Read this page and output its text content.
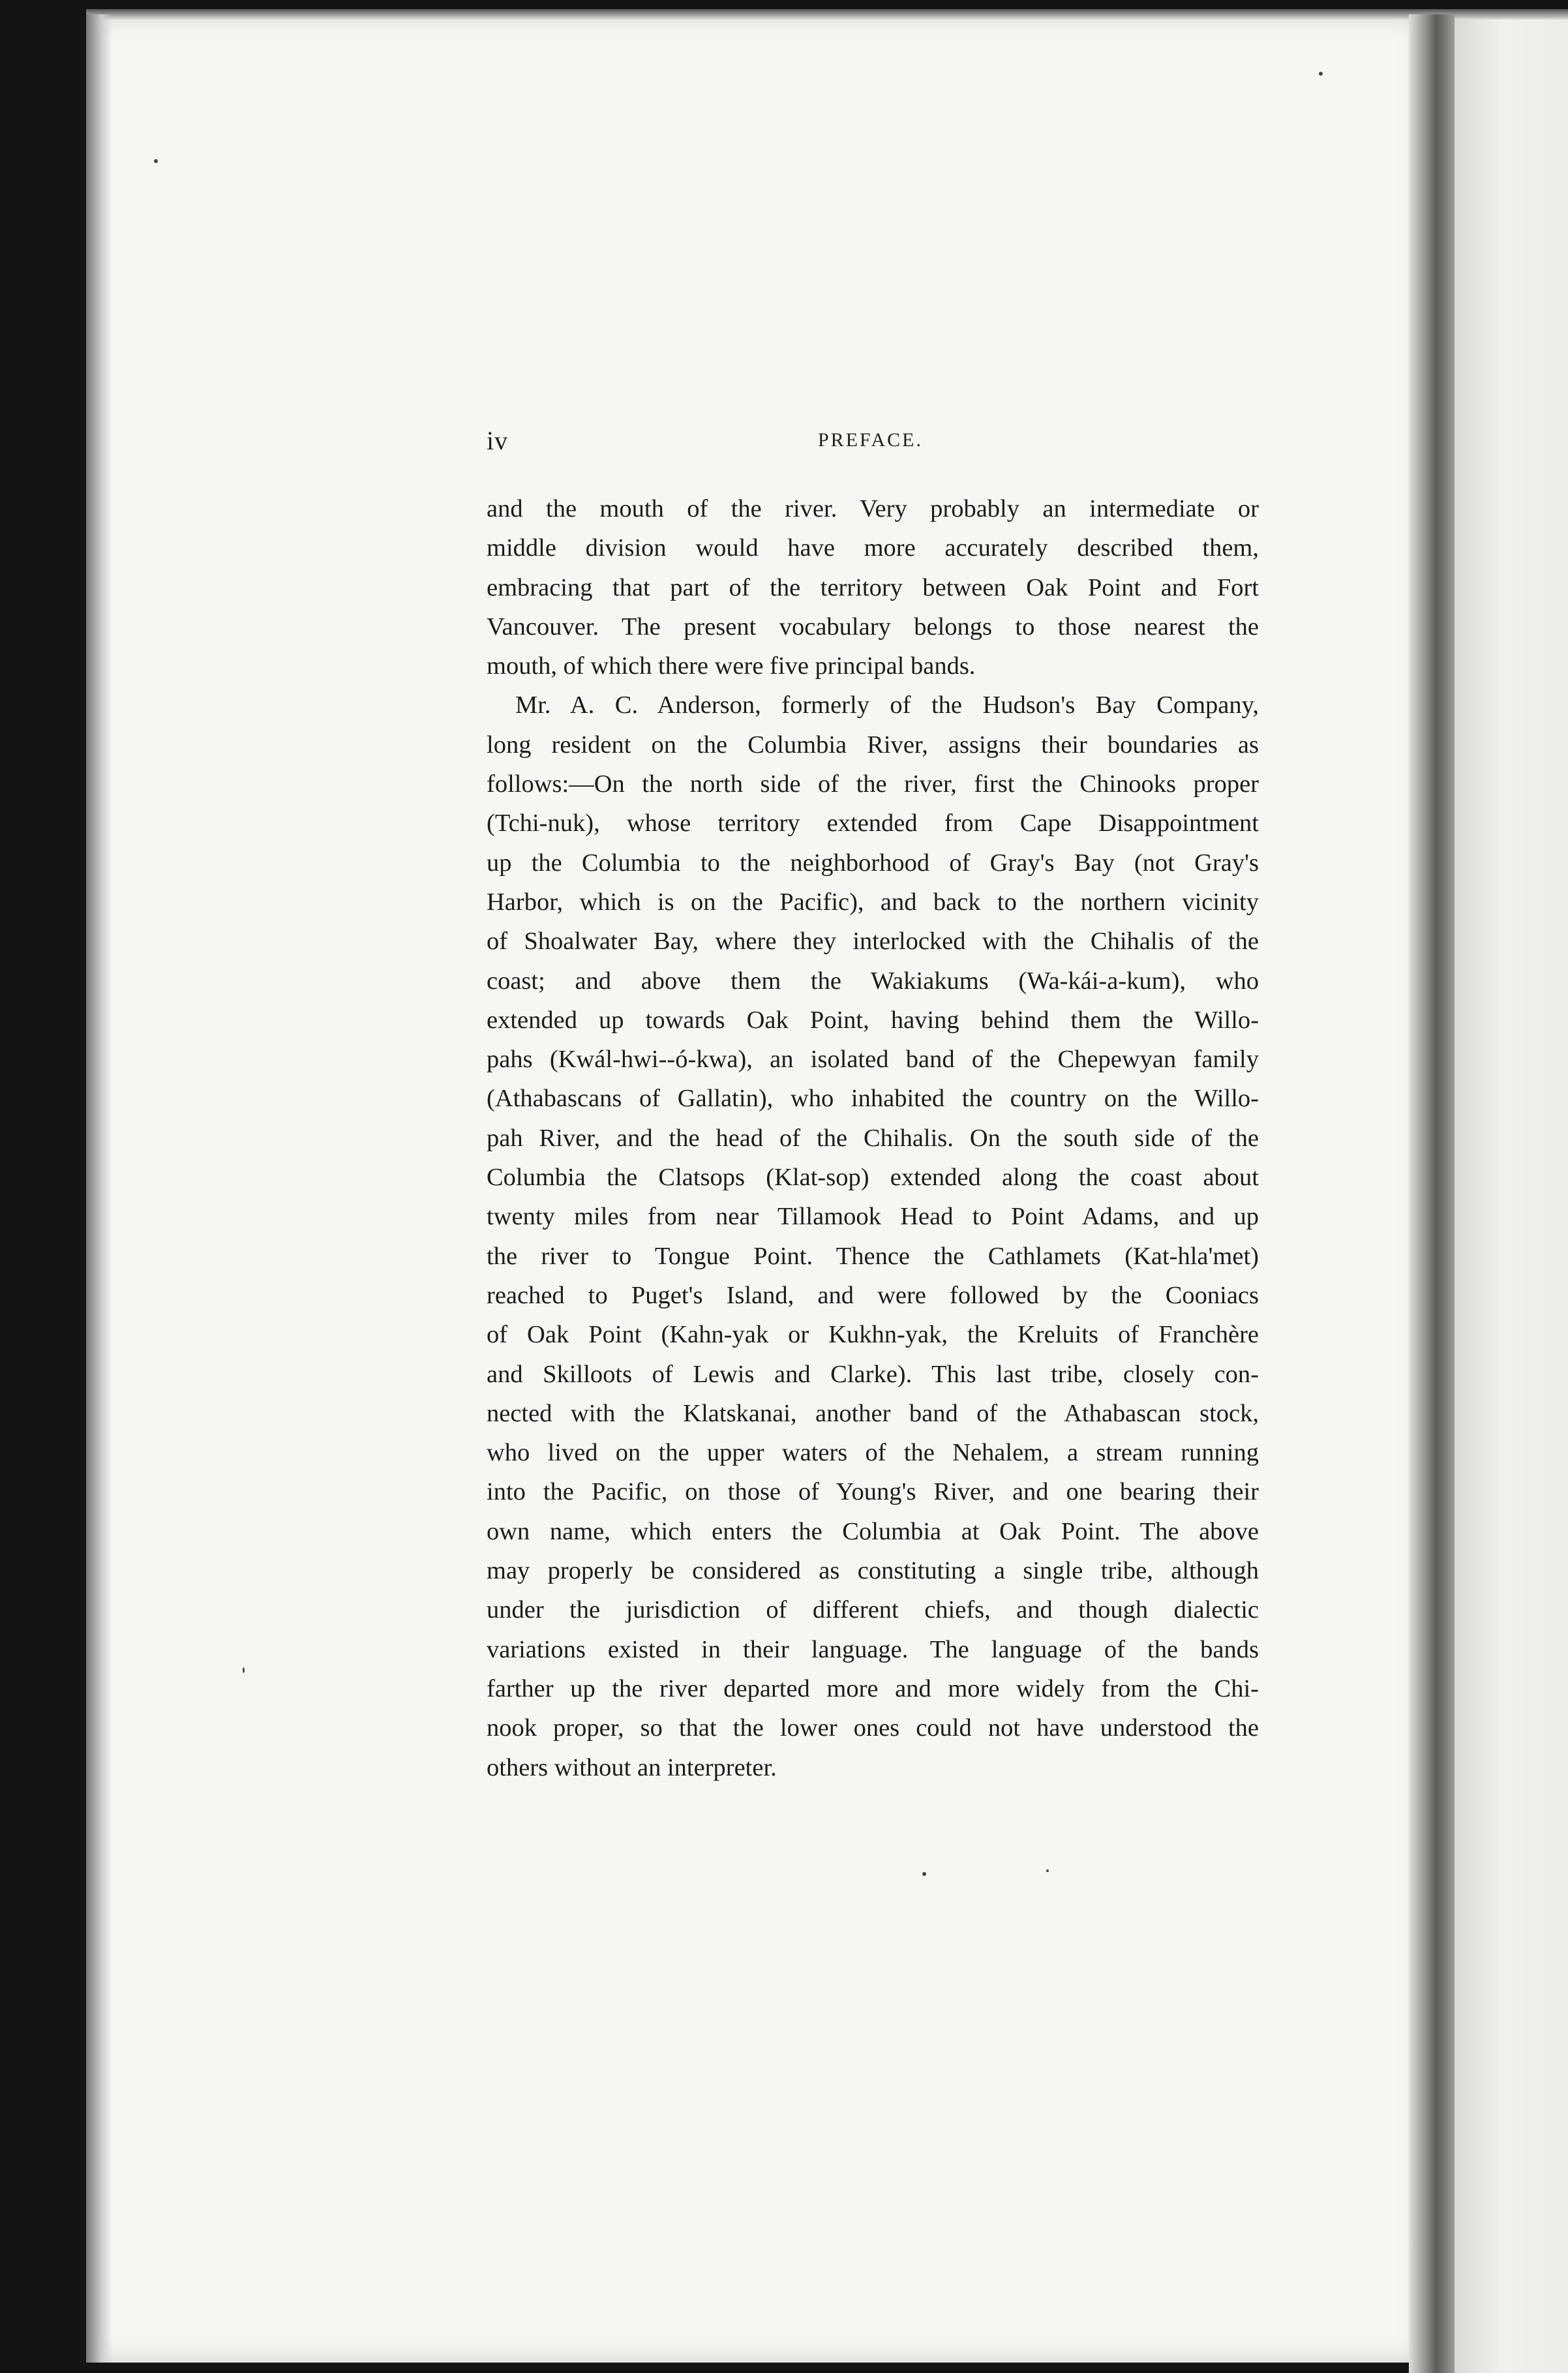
iv	PREFACE.
and the mouth of the river. Very probably an intermediate or
middle division would have more accurately described them,
embracing that part of the territory between Oak Point and Fort
Vancouver. The present vocabulary belongs to those nearest the
mouth, of which there were five principal bands.
Mr. A. C. Anderson, formerly of the Hudson's Bay Company,
long resident on the Columbia River, assigns their boundaries as
follows:—On the north side of the river, first the Chinooks proper
(Tchi-nuk), whose territory extended from Cape Disappointment
up the Columbia to the neighborhood of Gray's Bay (not Gray's
Harbor, which is on the Pacific), and back to the northern vicinity
of Shoalwater Bay, where they interlocked with the Chihalis of the
coast; and above them the Wakiakums (Wa-kái-a-kum), who
extended up towards Oak Point, having behind them the Willo-
pahs (Kwál-hwi--ó-kwa), an isolated band of the Chepewyan family
(Athabascans of Gallatin), who inhabited the country on the Willo-
pah River, and the head of the Chihalis. On the south side of the
Columbia the Clatsops (Klat-sop) extended along the coast about
twenty miles from near Tillamook Head to Point Adams, and up
the river to Tongue Point. Thence the Cathlamets (Kat-hla'met)
reached to Puget's Island, and were followed by the Cooniacs
of Oak Point (Kahn-yak or Kukhn-yak, the Kreluits of Franchère
and Skilloots of Lewis and Clarke). This last tribe, closely con-
nected with the Klatskanai, another band of the Athabascan stock,
who lived on the upper waters of the Nehalem, a stream running
into the Pacific, on those of Young's River, and one bearing their
own name, which enters the Columbia at Oak Point. The above
may properly be considered as constituting a single tribe, although
under the jurisdiction of different chiefs, and though dialectic
variations existed in their language. The language of the bands
farther up the river departed more and more widely from the Chi-
nook proper, so that the lower ones could not have understood the
others without an interpreter.
